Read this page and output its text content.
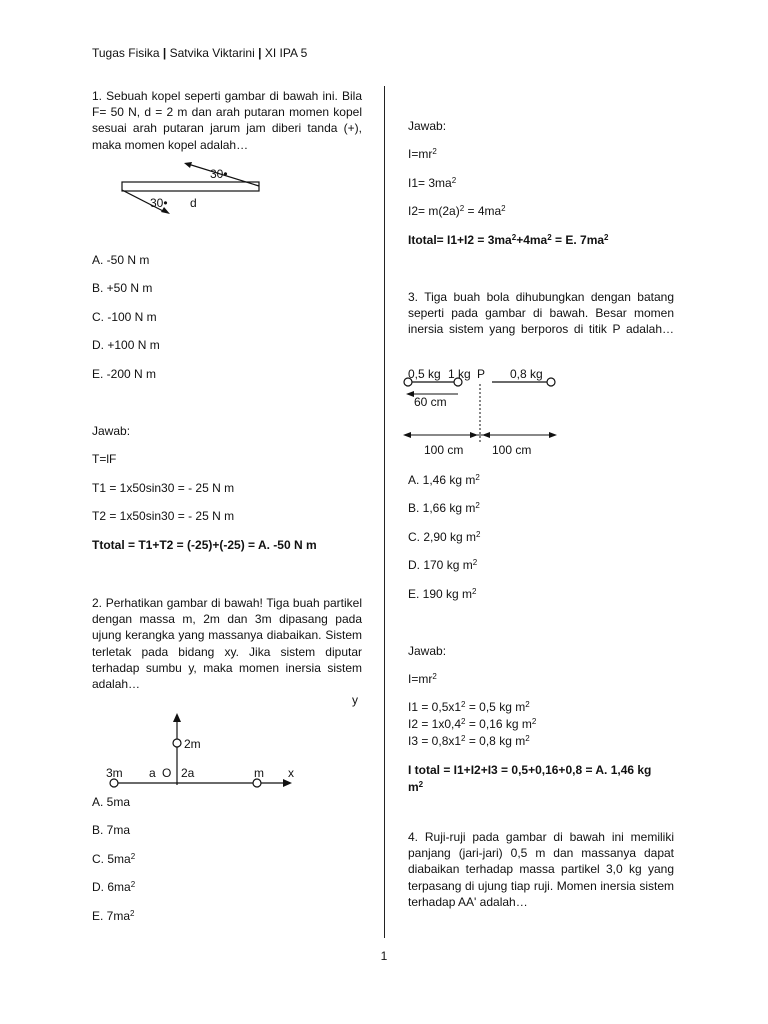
Tugas Fisika | Satvika Viktarini | XI IPA 5
1. Sebuah kopel seperti gambar di bawah ini. Bila F= 50 N, d = 2 m dan arah putaran momen kopel sesuai arah putaran jarum jam diberi tanda (+), maka momen kopel adalah…
30•
30• d
A. -50 N m
B. +50 N m
C. -100 N m
D. +100 N m
E. -200 N m
Jawab:
T=lF
T1 = 1x50sin30 = - 25 N m
T2 = 1x50sin30 = - 25 N m
Ttotal = T1+T2 = (-25)+(-25) = A. -50 N m
2. Perhatikan gambar di bawah! Tiga buah partikel dengan massa m, 2m dan 3m dipasang pada ujung kerangka yang massanya diabaikan. Sistem terletak pada bidang xy. Jika sistem diputar terhadap sumbu y, maka momen inersia sistem adalah…
y
2m
3m a O 2a	m x
A. 5ma
B. 7ma
C. $5ma^2$
D. $6ma^2$
E. $7ma^2$
Jawab:
$I=mr^2$
$I1= 3ma^2$
$I2= m(2a)^2 = 4ma^2$
Itotal= $I1+I2 = 3ma^2+4ma^2 = E$. $7ma^2$
3. Tiga buah bola dihubungkan dengan batang seperti pada gambar di bawah. Besar momen inersia sistem yang berporos di titik P adalah…
0,5 kg 1 kg P 0,8 kg
60 cm
100 cm 100 cm
A. 1,46 kg $m^2$
B. 1,66 kg $m^2$
C. 2,90 kg $m^2$
D. 170 kg $m^2$
E. 190 kg $m^2$
Jawab:
$I=mr^2$
$I1 = 0,5x1^2 = 0,5$ kg $m^2$
$I2 = 1x0,4^2 = 0,16$ kg $m^2$
$I3 = 0,8x1^2 = 0,8$ kg $m^2$
I total = I1+I2+I3 = 0,5+0,16+0,8 = A. 1,46 kg
$m^2$
4. Ruji-ruji pada gambar di bawah ini memiliki panjang (jari-jari) 0,5 m dan massanya dapat diabaikan terhadap massa partikel 3,0 kg yang terpasang di ujung tiap ruji. Momen inersia sistem terhadap AA' adalah…
1
